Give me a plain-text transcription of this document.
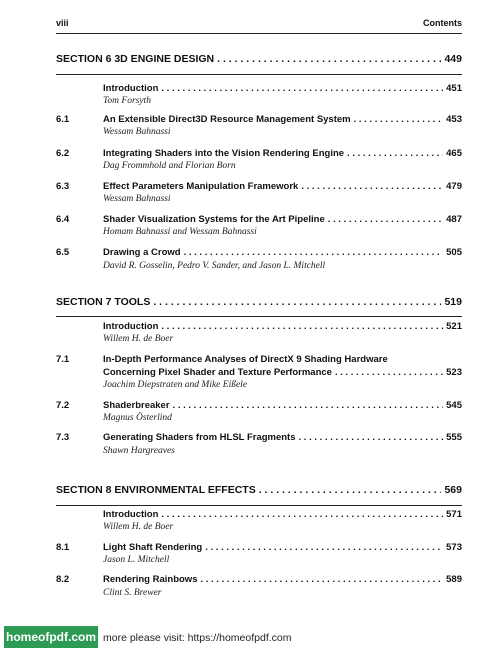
viii	Contents
SECTION 6 3D ENGINE DESIGN . . .	449
Introduction . . .	451
Tom Forsyth
6.1	An Extensible Direct3D Resource Management System . . .	453
Wessam Bahnassi
6.2	Integrating Shaders into the Vision Rendering Engine . . .	465
Dag Frommhold and Florian Born
6.3	Effect Parameters Manipulation Framework . . .	479
Wessam Bahnassi
6.4	Shader Visualization Systems for the Art Pipeline . . .	487
Homam Bahnassi and Wessam Bahnassi
6.5	Drawing a Crowd . . .	505
David R. Gosselin, Pedro V. Sander, and Jason L. Mitchell
SECTION 7 TOOLS . . .	519
Introduction . . .	521
Willem H. de Boer
7.1	In-Depth Performance Analyses of DirectX 9 Shading Hardware
Concerning Pixel Shader and Texture Performance . . .	523
Joachim Diepstraten and Mike Eißele
7.2	Shaderbreaker . . .	545
Magnus Österlind
7.3	Generating Shaders from HLSL Fragments . . .	555
Shawn Hargreaves
SECTION 8 ENVIRONMENTAL EFFECTS . . .	569
Introduction . . .	571
Willem H. de Boer
8.1	Light Shaft Rendering . . .	573
Jason L. Mitchell
8.2	Rendering Rainbows . . .	589
Clint S. Brewer
homeofpdf.com more please visit: https://homeofpdf.com
